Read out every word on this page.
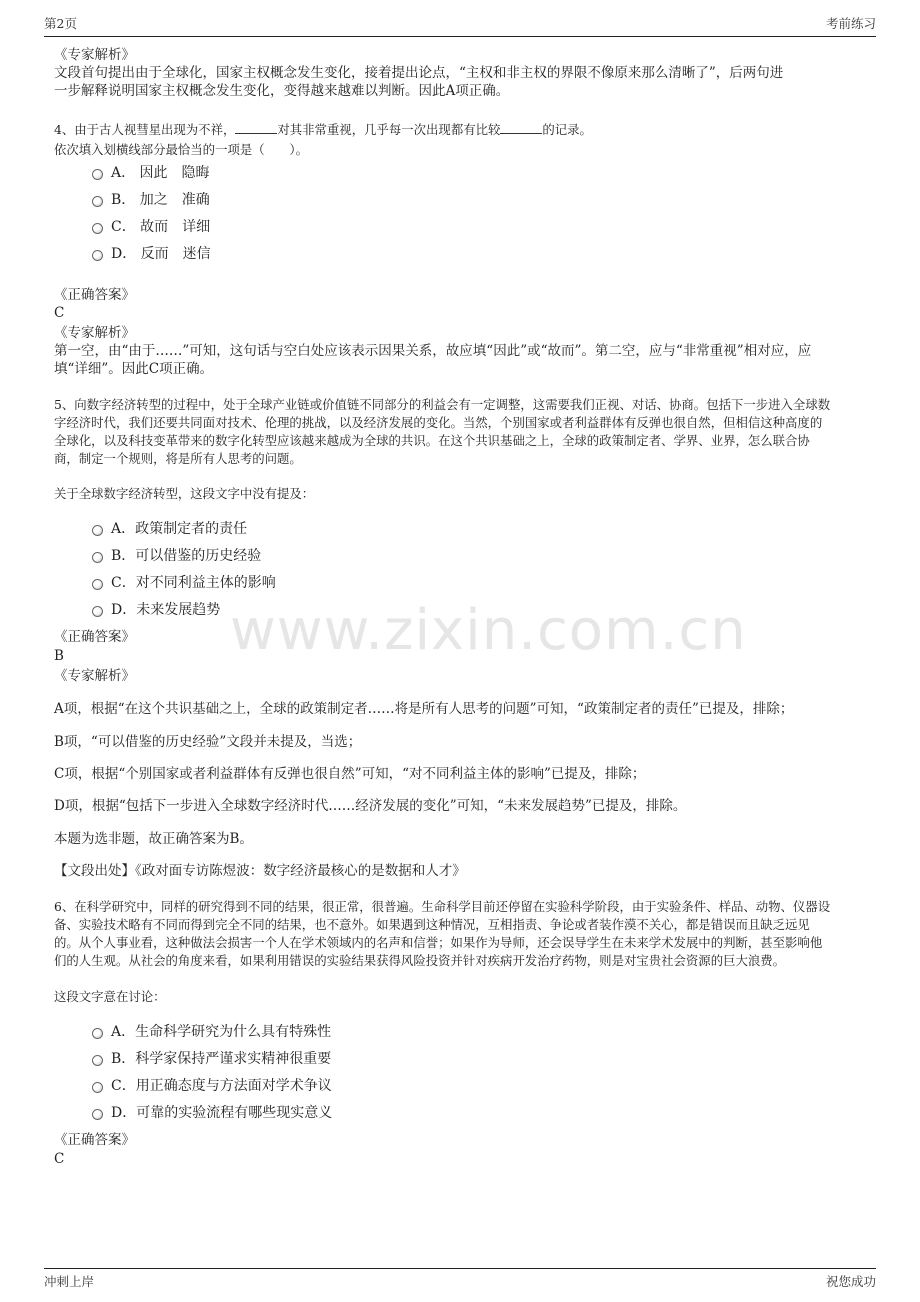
第2页	考前练习
www.zixin.com.cn
《专家解析》
文段首句提出由于全球化，国家主权概念发生变化，接着提出论点，“主权和非主权的界限不像原来那么清晰了”，后两句进
一步解释说明国家主权概念发生变化，变得越来越难以判断。因此A项正确。
4、由于古人视彗星出现为不祥，	对其非常重视，几乎每一次出现都有比较	的记录。
依次填入划横线部分最恰当的一项是（　　）。
A． 因此　隐晦
B． 加之　准确
C． 故而　详细
D． 反而　迷信
《正确答案》
C
《专家解析》
第一空，由“由于……”可知，这句话与空白处应该表示因果关系，故应填“因此”或“故而”。第二空，应与“非常重视”相对应，应
填“详细”。因此C项正确。
5、向数字经济转型的过程中，处于全球产业链或价值链不同部分的利益会有一定调整，这需要我们正视、对话、协商。包括下一步进入全球数
字经济时代，我们还要共同面对技术、伦理的挑战，以及经济发展的变化。当然，个别国家或者利益群体有反弹也很自然，但相信这种高度的
全球化，以及科技变革带来的数字化转型应该越来越成为全球的共识。在这个共识基础之上，全球的政策制定者、学界、业界，怎么联合协
商，制定一个规则，将是所有人思考的问题。
关于全球数字经济转型，这段文字中没有提及：
A．政策制定者的责任
B．可以借鉴的历史经验
C．对不同利益主体的影响
D．未来发展趋势
《正确答案》
B
《专家解析》
A项，根据“在这个共识基础之上，全球的政策制定者……将是所有人思考的问题”可知，“政策制定者的责任”已提及，排除；
B项，“可以借鉴的历史经验”文段并未提及，当选；
C项，根据“个别国家或者利益群体有反弹也很自然”可知，“对不同利益主体的影响”已提及，排除；
D项，根据“包括下一步进入全球数字经济时代……经济发展的变化”可知，“未来发展趋势”已提及，排除。
本题为选非题，故正确答案为B。
【文段出处】《政对面专访陈煜波：数字经济最核心的是数据和人才》
6、在科学研究中，同样的研究得到不同的结果，很正常，很普遍。生命科学目前还停留在实验科学阶段，由于实验条件、样品、动物、仪器设
备、实验技术略有不同而得到完全不同的结果，也不意外。如果遇到这种情况，互相指责、争论或者装作漠不关心，都是错误而且缺乏远见
的。从个人事业看，这种做法会损害一个人在学术领域内的名声和信誉；如果作为导师，还会误导学生在未来学术发展中的判断，甚至影响他
们的人生观。从社会的角度来看，如果利用错误的实验结果获得风险投资并针对疾病开发治疗药物，则是对宝贵社会资源的巨大浪费。
这段文字意在讨论：
A．生命科学研究为什么具有特殊性
B．科学家保持严谨求实精神很重要
C．用正确态度与方法面对学术争议
D．可靠的实验流程有哪些现实意义
《正确答案》
C
冲刺上岸	祝您成功
